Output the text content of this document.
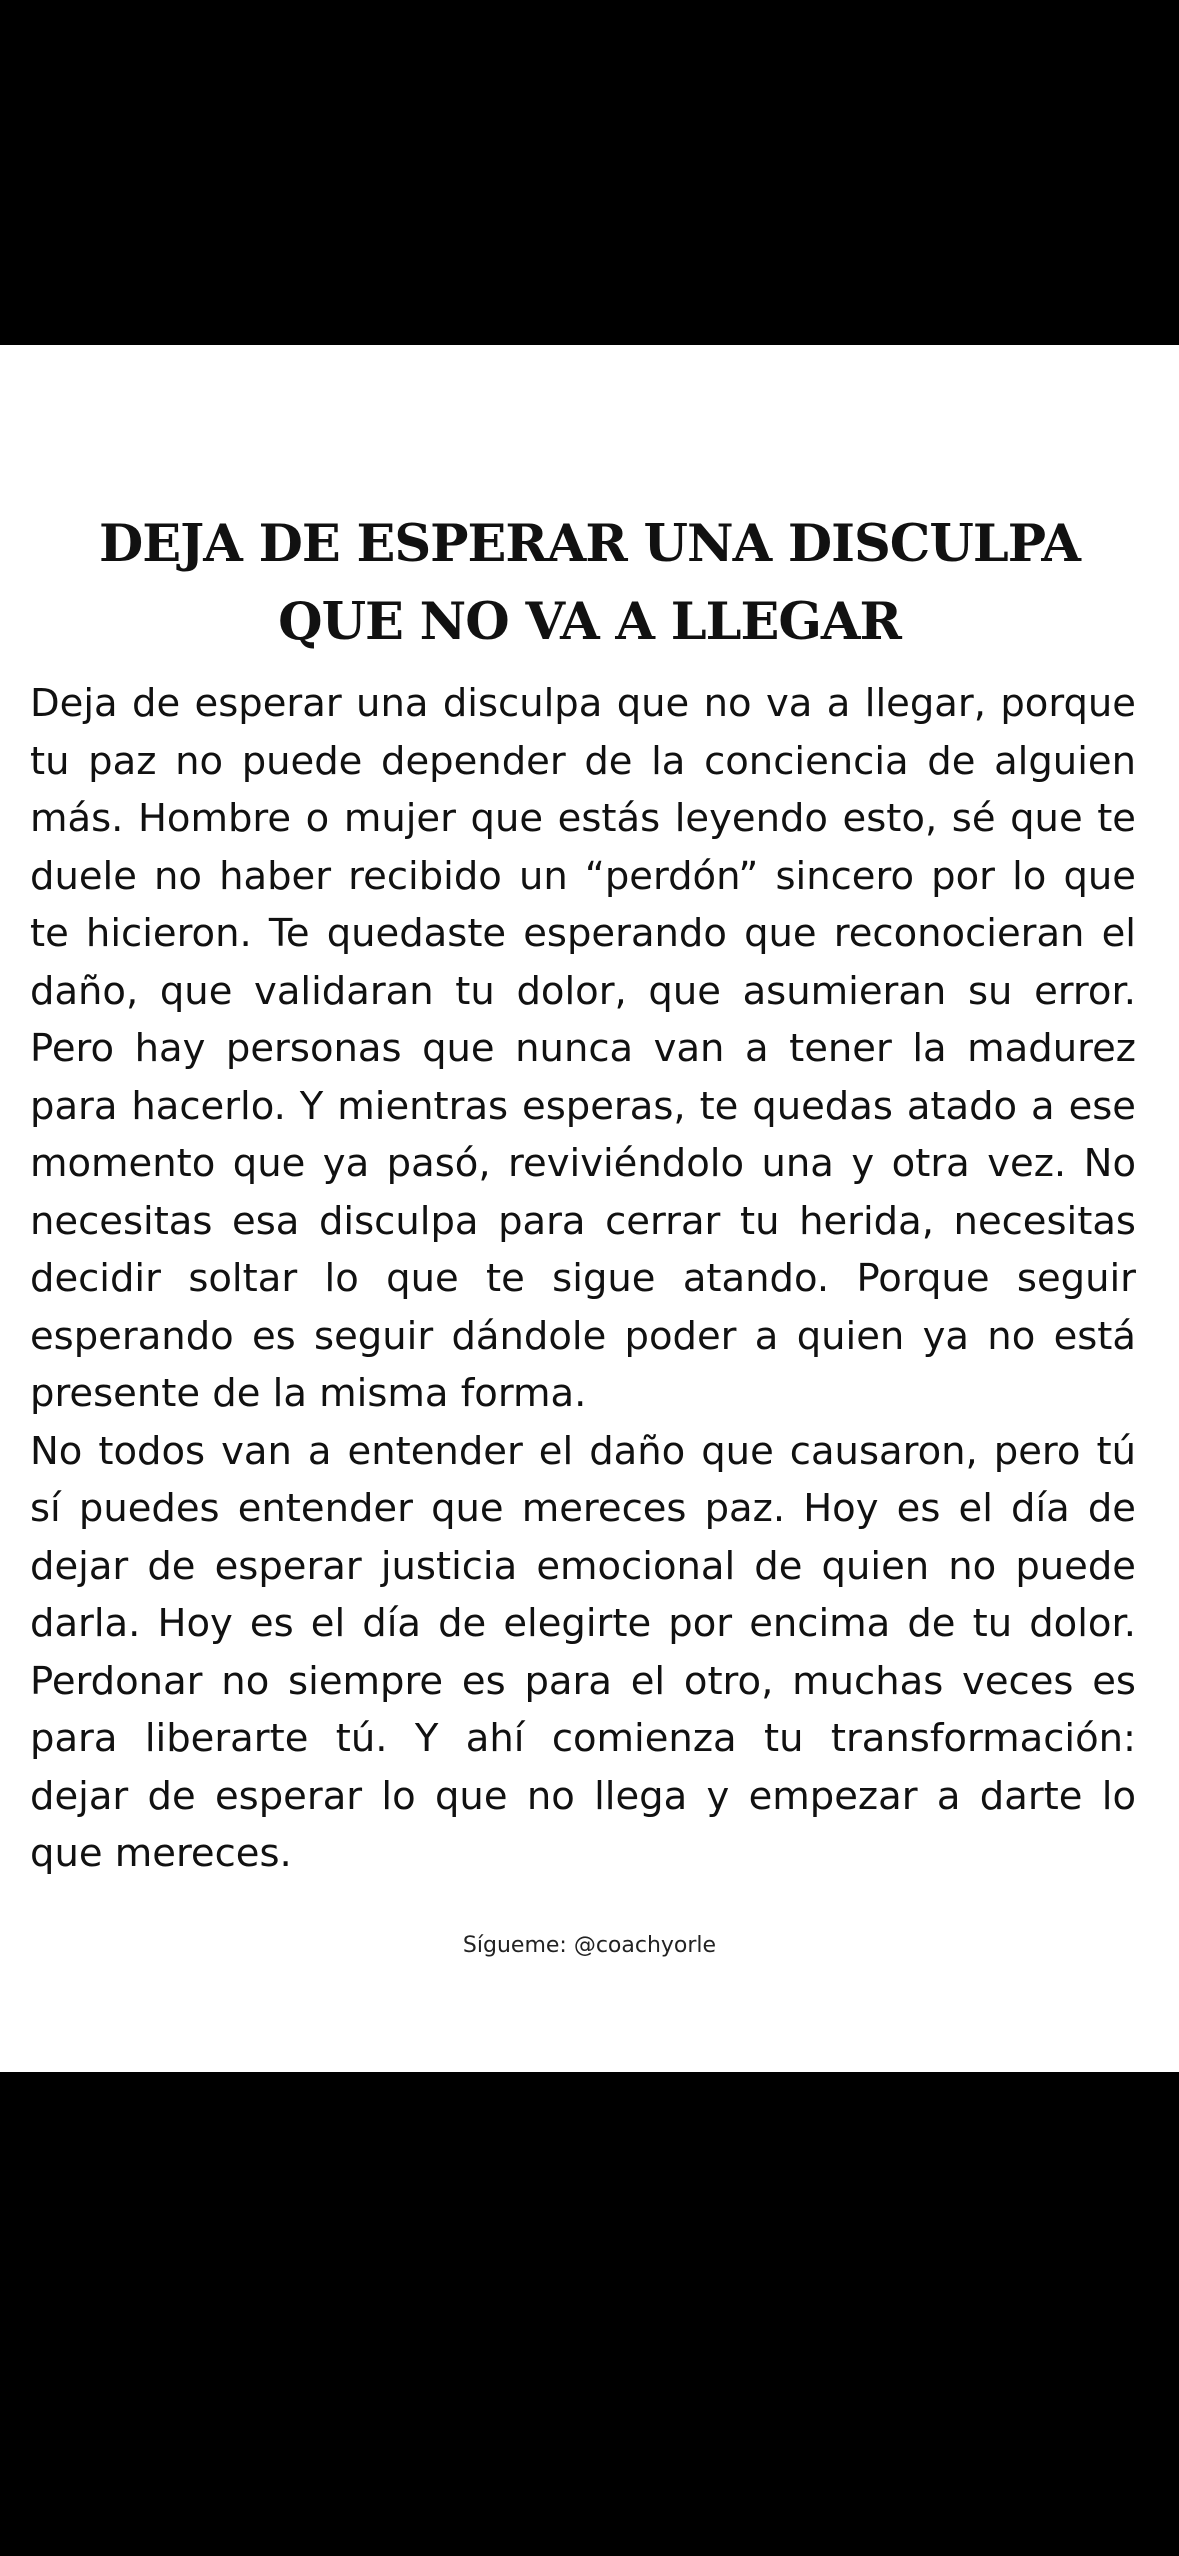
DEJA DE ESPERAR UNA DISCULPA
QUE NO VA A LLEGAR

Deja de esperar una disculpa que no va a llegar, porque tu paz no puede depender de la conciencia de alguien más. Hombre o mujer que estás leyendo esto, sé que te duele no haber recibido un “perdón” sincero por lo que te hicieron. Te quedaste esperando que reconocieran el daño, que validaran tu dolor, que asumieran su error. Pero hay personas que nunca van a tener la madurez para hacerlo. Y mientras esperas, te quedas atado a ese momento que ya pasó, reviviéndolo una y otra vez. No necesitas esa disculpa para cerrar tu herida, necesitas decidir soltar lo que te sigue atando. Porque seguir esperando es seguir dándole poder a quien ya no está presente de la misma forma.

No todos van a entender el daño que causaron, pero tú sí puedes entender que mereces paz. Hoy es el día de dejar de esperar justicia emocional de quien no puede darla. Hoy es el día de elegirte por encima de tu dolor. Perdonar no siempre es para el otro, muchas veces es para liberarte tú. Y ahí comienza tu transformación: dejar de esperar lo que no llega y empezar a darte lo que mereces.

Sígueme: @coachyorle
